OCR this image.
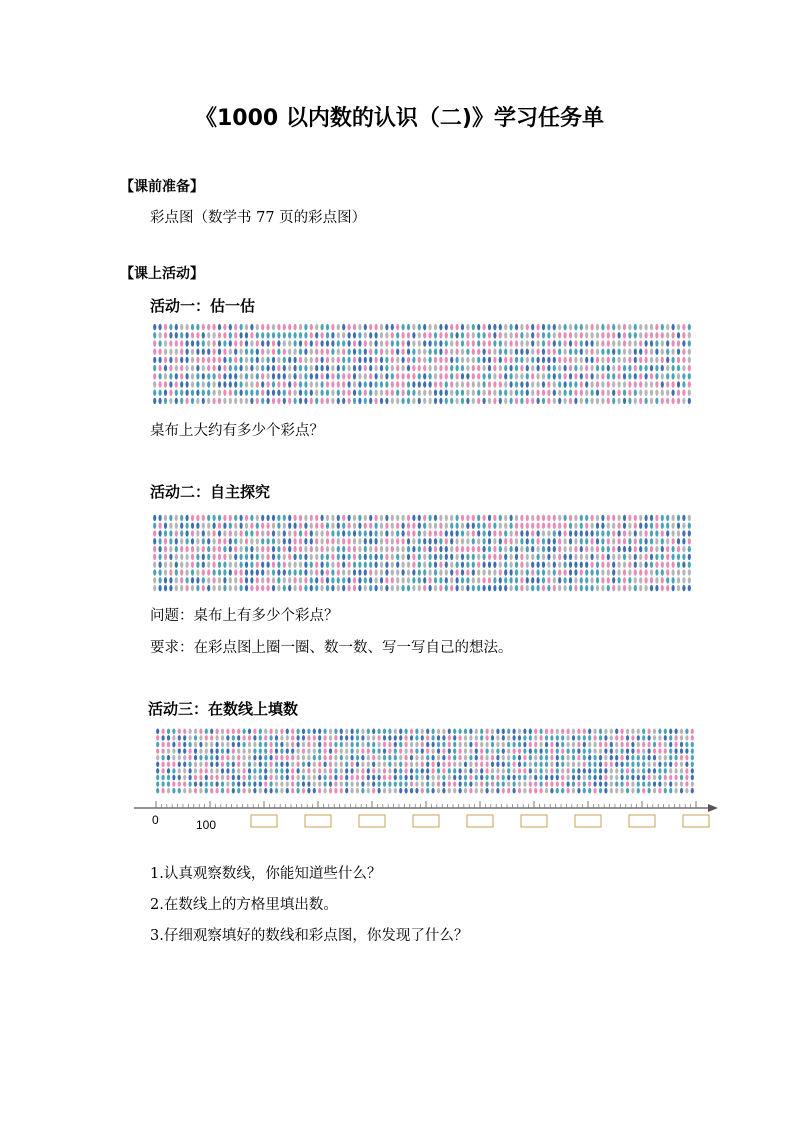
《1000 以内数的认识（二)》学习任务单
【课前准备】
彩点图（数学书 77 页的彩点图）
【课上活动】
活动一：估一估
桌布上大约有多少个彩点？
活动二：自主探究
问题：桌布上有多少个彩点？
要求：在彩点图上圈一圈、数一数、写一写自己的想法。
活动三：在数线上填数
0	100
1.认真观察数线，你能知道些什么？
2.在数线上的方格里填出数。
3.仔细观察填好的数线和彩点图，你发现了什么？
